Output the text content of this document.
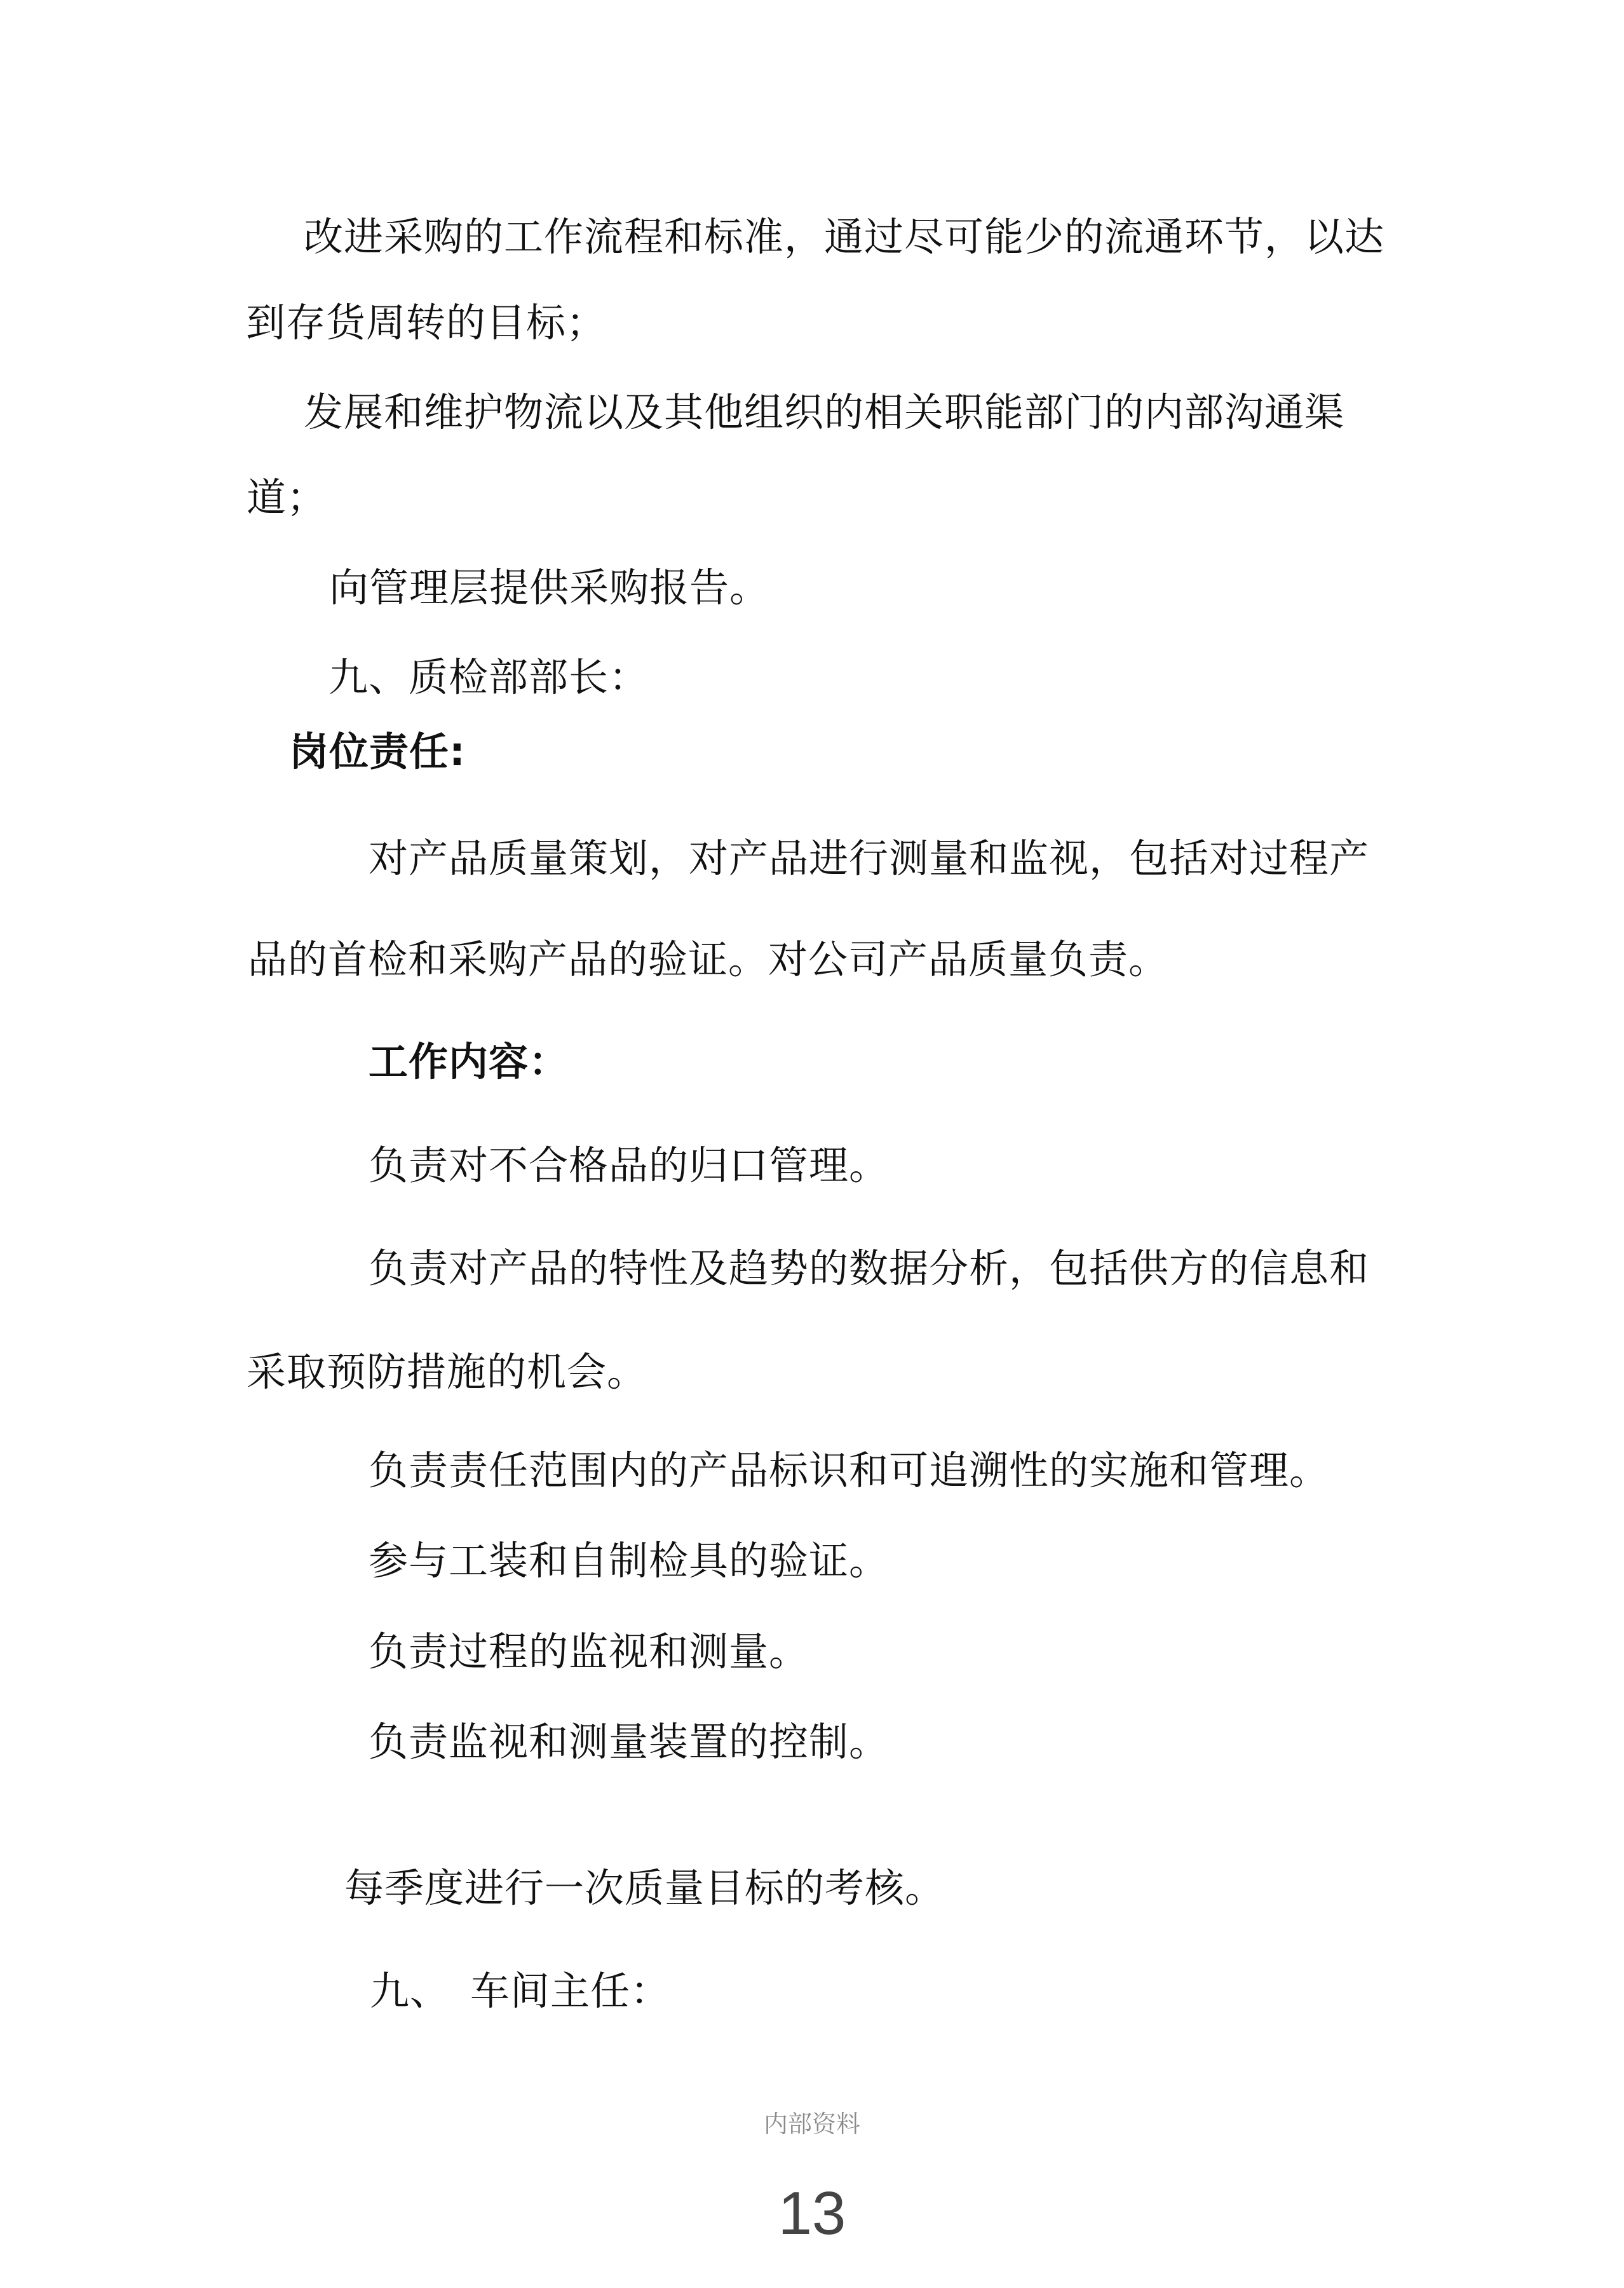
改进采购的工作流程和标准，通过尽可能少的流通环节，以达
到存货周转的目标；
发展和维护物流以及其他组织的相关职能部门的内部沟通渠
道；
向管理层提供采购报告。
九、质检部部长：
岗位责任:
对产品质量策划，对产品进行测量和监视，包括对过程产
品的首检和采购产品的验证。对公司产品质量负责。
工作内容：
负责对不合格品的归口管理。
负责对产品的特性及趋势的数据分析，包括供方的信息和
采取预防措施的机会。
负责责任范围内的产品标识和可追溯性的实施和管理。
参与工装和自制检具的验证。
负责过程的监视和测量。
负责监视和测量装置的控制。
每季度进行一次质量目标的考核。
九、　车间主任：
内部资料
13
